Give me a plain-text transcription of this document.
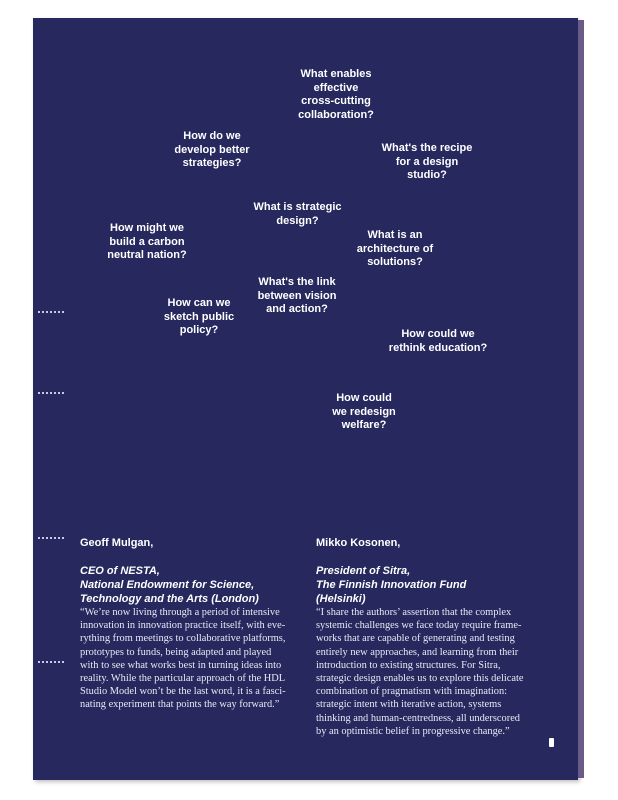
What enables
effective
cross-cutting
collaboration?
How do we
develop better
strategies?
What's the recipe
for a design
studio?
What is strategic
design?
How might we
build a carbon
neutral nation?
What is an
architecture of
solutions?
What's the link
between vision
and action?
How can we
sketch public
policy?	How could we
rethink education?
How could
we redesign
welfare?

Geoff Mulgan,

CEO of NESTA,
National Endowment for Science,
Technology and the Arts (London)

Mikko Kosonen,

President of Sitra,
The Finnish Innovation Fund
(Helsinki)

“We’re now living through a period of intensive
innovation in innovation practice itself, with eve-
rything from meetings to collaborative platforms,
prototypes to funds, being adapted and played
with to see what works best in turning ideas into
reality. While the particular approach of the HDL
Studio Model won’t be the last word, it is a fasci-
nating experiment that points the way forward.”
“I share the authors’ assertion that the complex
systemic challenges we face today require frame-
works that are capable of generating and testing
entirely new approaches, and learning from their
introduction to existing structures. For Sitra,
strategic design enables us to explore this delicate
combination of pragmatism with imagination:
strategic intent with iterative action, systems
thinking and human-centredness, all underscored
by an optimistic belief in progressive change.”
